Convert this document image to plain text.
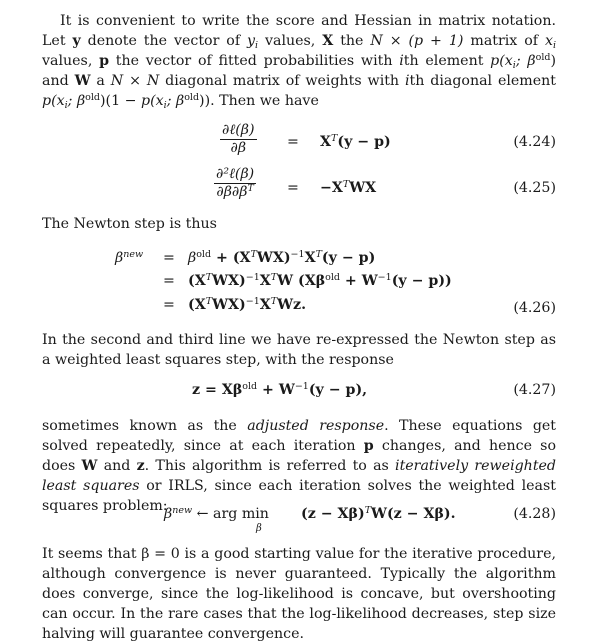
It is convenient to write the score and Hessian in matrix notation. Let y denote the vector of $y_i$ values, X the N × (p + 1) matrix of $x_i$ values, p the vector of fitted probabilities with ith element $p(x_i$; $\beta^{old}$) and W a N × N diagonal matrix of weights with ith diagonal element $p(x_i$; $\beta^{old})(1 - p(x_i$; $\beta^{old}$)). Then we have

∂ℓ(β)
∂β	= $X^T(y - p)$	(4.24)
∂²ℓ(β)
$\partial\beta\partial\beta^T = -X^TWX$	(4.25)

The Newton step is thus

$\beta^{new} = \beta^{old} + (X^TWX)^{-1}X^T(y - p)$
= $(X^TWX)^{-1}X^TW$ $(X\beta^{old} + W^{-1}(y - p))$
= $(X^TWX)^{-1}X^TWz$.	(4.26)

In the second and third line we have re-expressed the Newton step as a weighted least squares step, with the response

$z = X\beta^{old} + W^{-1}(y - p)$,	(4.27)

sometimes known as the adjusted response. These equations get solved repeatedly, since at each iteration p changes, and hence so does W and z. This algorithm is referred to as iteratively reweighted least squares or IRLS, since each iteration solves the weighted least squares problem:

$\beta^{new}$ ← arg min
β
$(z - X\beta)^TW(z - X\beta)$.	(4.28)

It seems that β = 0 is a good starting value for the iterative procedure, although convergence is never guaranteed. Typically the algorithm does converge, since the log-likelihood is concave, but overshooting can occur. In the rare cases that the log-likelihood decreases, step size halving will guarantee convergence.
